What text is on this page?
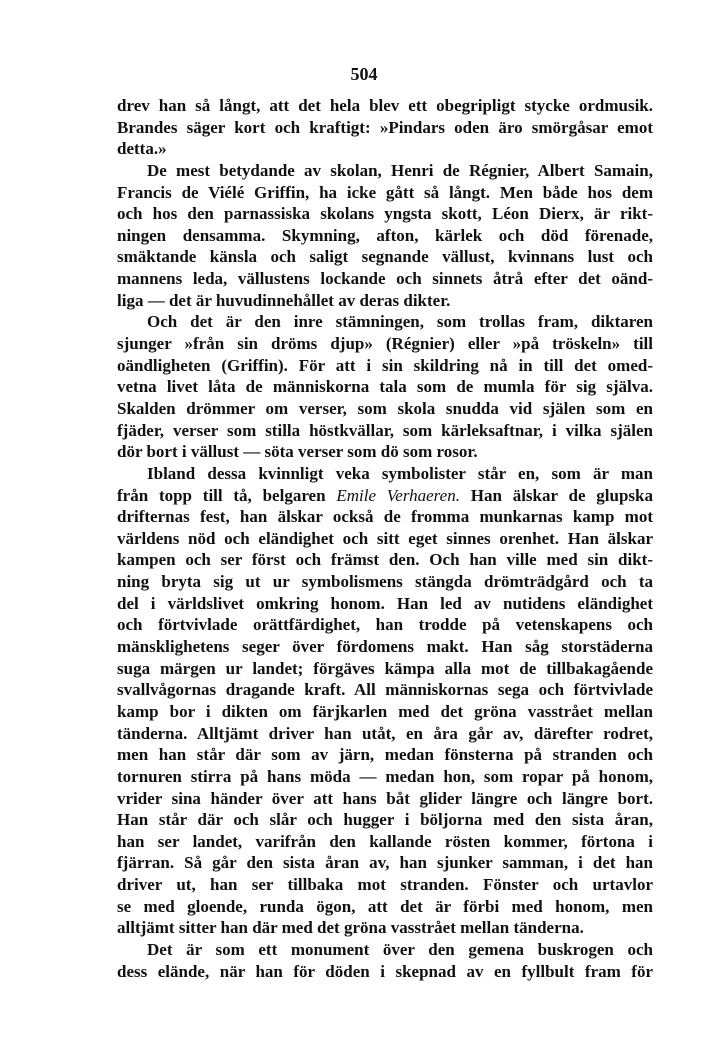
504
drev han så långt, att det hela blev ett obegripligt stycke ordmusik.
Brandes säger kort och kraftigt: »Pindars oden äro smörgåsar emot
detta.»
De mest betydande av skolan, Henri de Régnier, Albert Samain,
Francis de Viélé Griffin, ha icke gått så långt. Men både hos dem
och hos den parnassiska skolans yngsta skott, Léon Dierx, är rikt-
ningen densamma. Skymning, afton, kärlek och död förenade,
smäktande känsla och saligt segnande vällust, kvinnans lust och
mannens leda, vällustens lockande och sinnets åtrå efter det oänd-
liga — det är huvudinnehållet av deras dikter.
Och det är den inre stämningen, som trollas fram, diktaren
sjunger »från sin dröms djup» (Régnier) eller »på tröskeln» till
oändligheten (Griffin). För att i sin skildring nå in till det omed-
vetna livet låta de människorna tala som de mumla för sig själva.
Skalden drömmer om verser, som skola snudda vid själen som en
fjäder, verser som stilla höstkvällar, som kärleksaftnar, i vilka själen
dör bort i vällust — söta verser som dö som rosor.
Ibland dessa kvinnligt veka symbolister står en, som är man
från topp till tå, belgaren Emile Verhaeren. Han älskar de glupska
drifternas fest, han älskar också de fromma munkarnas kamp mot
världens nöd och eländighet och sitt eget sinnes orenhet. Han älskar
kampen och ser först och främst den. Och han ville med sin dikt-
ning bryta sig ut ur symbolismens stängda drömträdgård och ta
del i världslivet omkring honom. Han led av nutidens eländighet
och förtvivlade orättfärdighet, han trodde på vetenskapens och
mänsklighetens seger över fördomens makt. Han såg storstäderna
suga märgen ur landet; förgäves kämpa alla mot de tillbakagående
svallvågornas dragande kraft. All människornas sega och förtvivlade
kamp bor i dikten om färjkarlen med det gröna vasstrået mellan
tänderna. Alltjämt driver han utåt, en åra går av, därefter rodret,
men han står där som av järn, medan fönsterna på stranden och
tornuren stirra på hans möda — medan hon, som ropar på honom,
vrider sina händer över att hans båt glider längre och längre bort.
Han står där och slår och hugger i böljorna med den sista åran,
han ser landet, varifrån den kallande rösten kommer, förtona i
fjärran. Så går den sista åran av, han sjunker samman, i det han
driver ut, han ser tillbaka mot stranden. Fönster och urtavlor
se med gloende, runda ögon, att det är förbi med honom, men
alltjämt sitter han där med det gröna vasstrået mellan tänderna.
Det är som ett monument över den gemena buskrogen och
dess elände, när han för döden i skepnad av en fyllbult fram för
